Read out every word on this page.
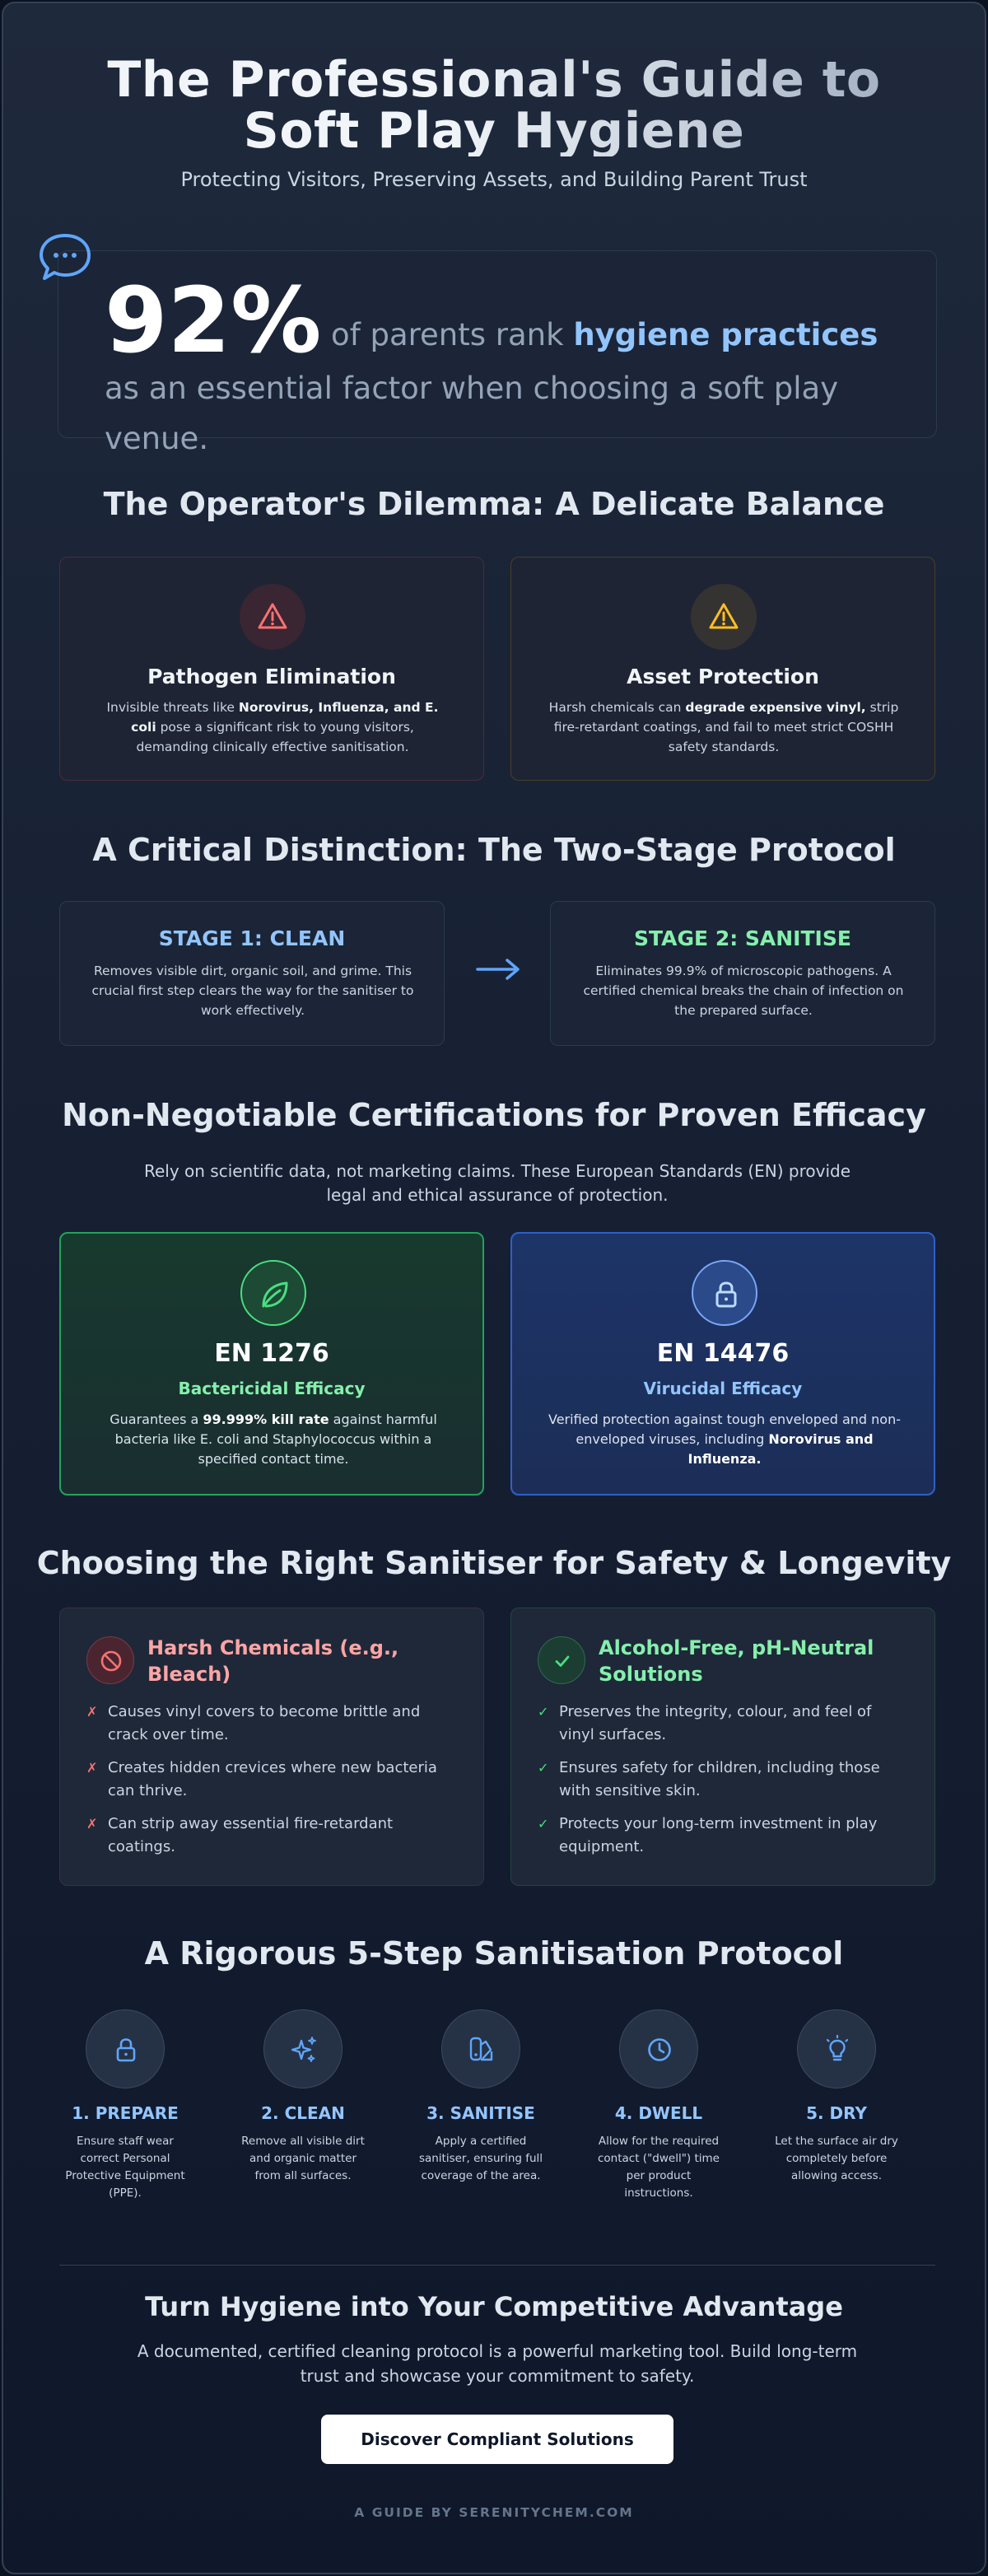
The Professional's Guide to
Soft Play Hygiene
Protecting Visitors, Preserving Assets, and Building Parent Trust
92% of parents rank hygiene practices as an essential factor when choosing a soft play venue.
The Operator's Dilemma: A Delicate Balance
Pathogen Elimination
Invisible threats like Norovirus, Influenza, and E. coli pose a significant risk to young visitors, demanding clinically effective sanitisation.
Asset Protection
Harsh chemicals can degrade expensive vinyl, strip fire-retardant coatings, and fail to meet strict COSHH safety standards.
A Critical Distinction: The Two-Stage Protocol
STAGE 1: CLEAN
Removes visible dirt, organic soil, and grime. This crucial first step clears the way for the sanitiser to work effectively.
STAGE 2: SANITISE
Eliminates 99.9% of microscopic pathogens. A certified chemical breaks the chain of infection on the prepared surface.
Non-Negotiable Certifications for Proven Efficacy
Rely on scientific data, not marketing claims. These European Standards (EN) provide legal and ethical assurance of protection.
EN 1276
Bactericidal Efficacy
Guarantees a 99.999% kill rate against harmful bacteria like E. coli and Staphylococcus within a specified contact time.
EN 14476
Virucidal Efficacy
Verified protection against tough enveloped and non-enveloped viruses, including Norovirus and Influenza.
Choosing the Right Sanitiser for Safety & Longevity
Harsh Chemicals (e.g., Bleach)
✗ Causes vinyl covers to become brittle and crack over time.
✗ Creates hidden crevices where new bacteria can thrive.
✗ Can strip away essential fire-retardant coatings.
Alcohol-Free, pH-Neutral Solutions
✓ Preserves the integrity, colour, and feel of vinyl surfaces.
✓ Ensures safety for children, including those with sensitive skin.
✓ Protects your long-term investment in play equipment.
A Rigorous 5-Step Sanitisation Protocol
1. PREPARE
Ensure staff wear correct Personal Protective Equipment (PPE).
2. CLEAN
Remove all visible dirt and organic matter from all surfaces.
3. SANITISE
Apply a certified sanitiser, ensuring full coverage of the area.
4. DWELL
Allow for the required contact ("dwell") time per product instructions.
5. DRY
Let the surface air dry completely before allowing access.
Turn Hygiene into Your Competitive Advantage
A documented, certified cleaning protocol is a powerful marketing tool. Build long-term trust and showcase your commitment to safety.
Discover Compliant Solutions
A GUIDE BY SERENITYCHEM.COM
